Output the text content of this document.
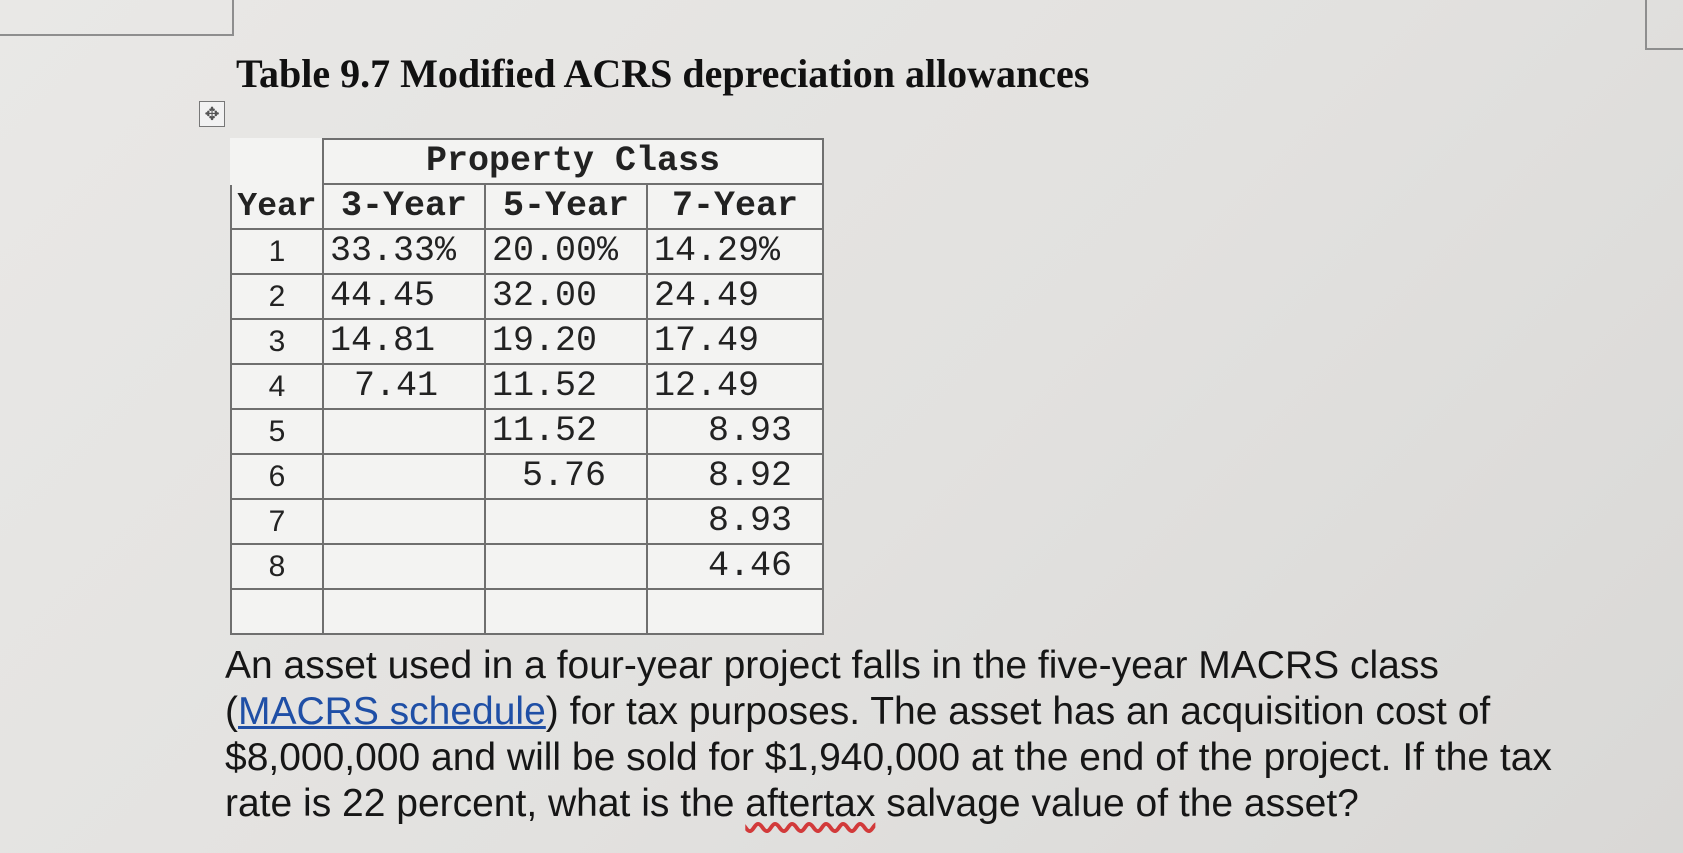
Table 9.7 Modified ACRS depreciation allowances
✥
	Property Class		
Year	3-Year	5-Year	7-Year
1	33.33%	20.00%	14.29%
2	44.45	32.00	24.49
3	14.81	19.20	17.49
4	7.41	11.52	12.49
5		11.52	8.93
6		5.76	8.92
7			8.93
8			4.46

An asset used in a four-year project falls in the five-year MACRS class
(MACRS schedule) for tax purposes. The asset has an acquisition cost of
$8,000,000 and will be sold for $1,940,000 at the end of the project. If the tax
rate is 22 percent, what is the aftertax salvage value of the asset?
